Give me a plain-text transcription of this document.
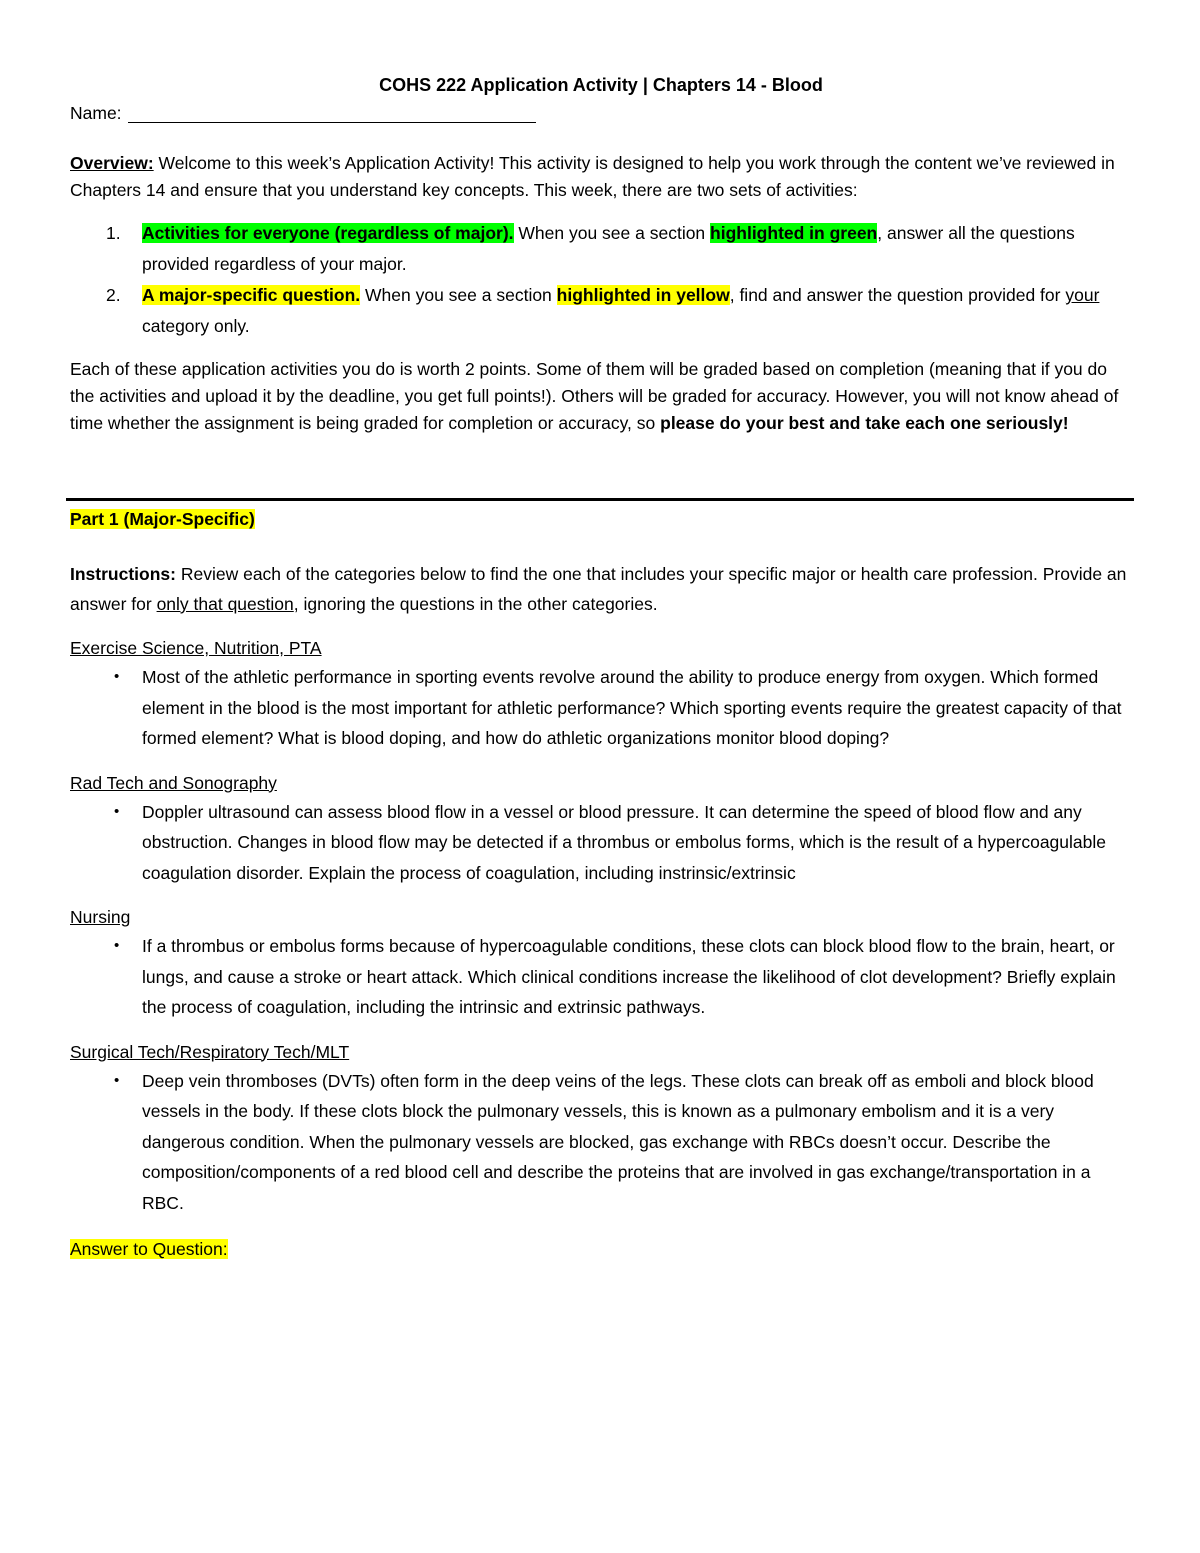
COHS 222 Application Activity | Chapters 14 - Blood

Name:

Overview: Welcome to this week’s Application Activity! This activity is designed to help you work through the content we’ve reviewed in Chapters 14 and ensure that you understand key concepts. This week, there are two sets of activities:

1. Activities for everyone (regardless of major). When you see a section highlighted in green, answer all the questions provided regardless of your major.
2. A major-specific question. When you see a section highlighted in yellow, find and answer the question provided for your category only.

Each of these application activities you do is worth 2 points. Some of them will be graded based on completion (meaning that if you do the activities and upload it by the deadline, you get full points!). Others will be graded for accuracy. However, you will not know ahead of time whether the assignment is being graded for completion or accuracy, so please do your best and take each one seriously!

Part 1 (Major-Specific)

Instructions: Review each of the categories below to find the one that includes your specific major or health care profession. Provide an answer for only that question, ignoring the questions in the other categories.

Exercise Science, Nutrition, PTA

• Most of the athletic performance in sporting events revolve around the ability to produce energy from oxygen. Which formed element in the blood is the most important for athletic performance? Which sporting events require the greatest capacity of that formed element? What is blood doping, and how do athletic organizations monitor blood doping?

Rad Tech and Sonography

• Doppler ultrasound can assess blood flow in a vessel or blood pressure. It can determine the speed of blood flow and any obstruction. Changes in blood flow may be detected if a thrombus or embolus forms, which is the result of a hypercoagulable coagulation disorder. Explain the process of coagulation, including instrinsic/extrinsic

Nursing

• If a thrombus or embolus forms because of hypercoagulable conditions, these clots can block blood flow to the brain, heart, or lungs, and cause a stroke or heart attack. Which clinical conditions increase the likelihood of clot development? Briefly explain the process of coagulation, including the intrinsic and extrinsic pathways.

Surgical Tech/Respiratory Tech/MLT

• Deep vein thromboses (DVTs) often form in the deep veins of the legs. These clots can break off as emboli and block blood vessels in the body. If these clots block the pulmonary vessels, this is known as a pulmonary embolism and it is a very dangerous condition. When the pulmonary vessels are blocked, gas exchange with RBCs doesn’t occur. Describe the composition/components of a red blood cell and describe the proteins that are involved in gas exchange/transportation in a RBC.

Answer to Question:
